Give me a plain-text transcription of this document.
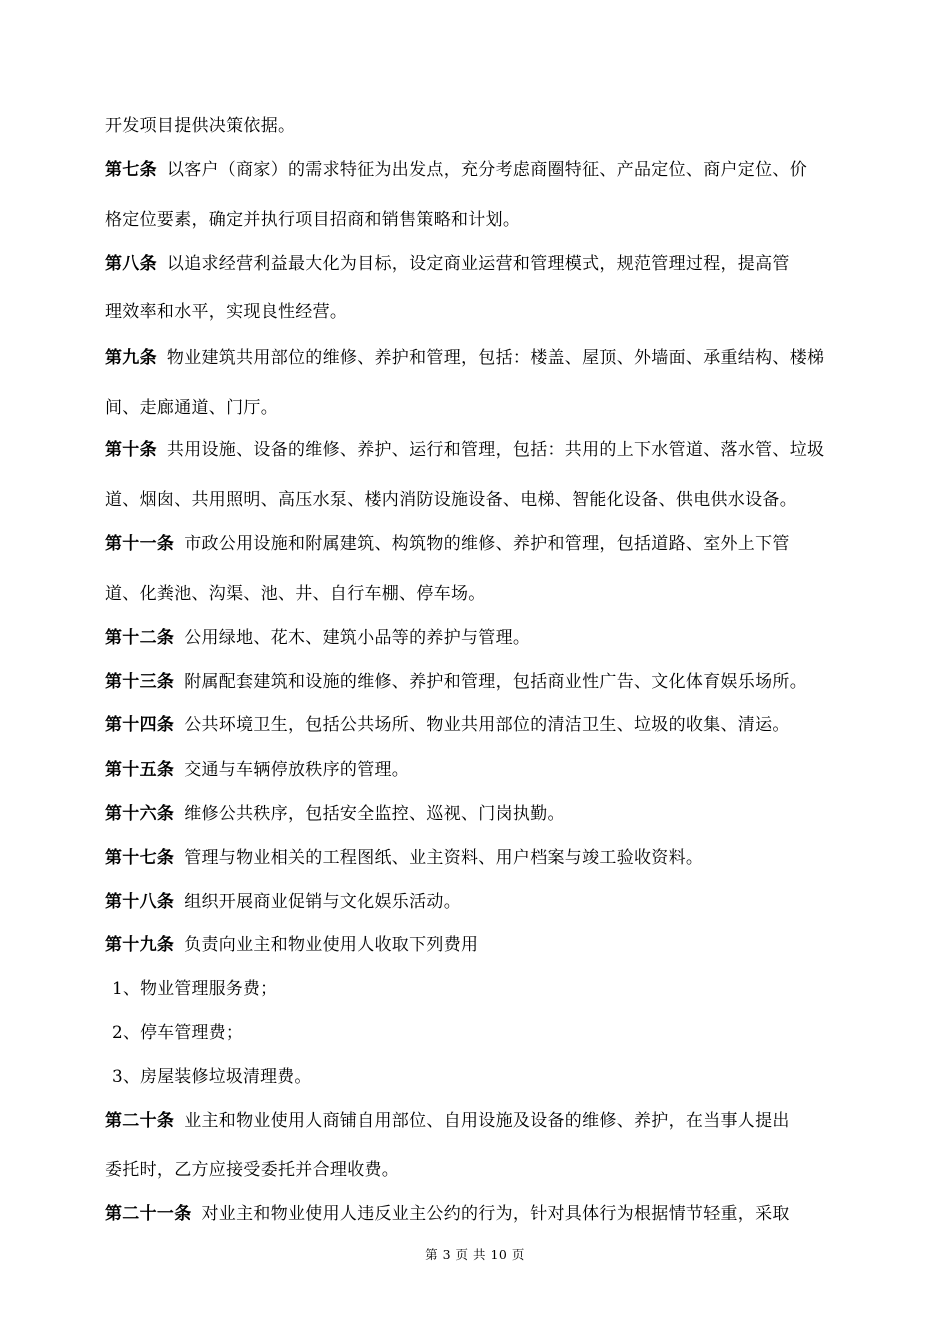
开发项目提供决策依据。
第七条 以客户（商家）的需求特征为出发点，充分考虑商圈特征、产品定位、商户定位、价
格定位要素，确定并执行项目招商和销售策略和计划。
第八条 以追求经营利益最大化为目标，设定商业运营和管理模式，规范管理过程，提高管
理效率和水平，实现良性经营。
第九条 物业建筑共用部位的维修、养护和管理，包括：楼盖、屋顶、外墙面、承重结构、楼梯
间、走廊通道、门厅。
第十条 共用设施、设备的维修、养护、运行和管理，包括：共用的上下水管道、落水管、垃圾
道、烟囱、共用照明、高压水泵、楼内消防设施设备、电梯、智能化设备、供电供水设备。
第十一条 市政公用设施和附属建筑、构筑物的维修、养护和管理，包括道路、室外上下管
道、化粪池、沟渠、池、井、自行车棚、停车场。
第十二条 公用绿地、花木、建筑小品等的养护与管理。
第十三条 附属配套建筑和设施的维修、养护和管理，包括商业性广告、文化体育娱乐场所。
第十四条 公共环境卫生，包括公共场所、物业共用部位的清洁卫生、垃圾的收集、清运。
第十五条 交通与车辆停放秩序的管理。
第十六条 维修公共秩序，包括安全监控、巡视、门岗执勤。
第十七条 管理与物业相关的工程图纸、业主资料、用户档案与竣工验收资料。
第十八条 组织开展商业促销与文化娱乐活动。
第十九条 负责向业主和物业使用人收取下列费用
1、物业管理服务费；
2、停车管理费；
3、房屋装修垃圾清理费。
第二十条 业主和物业使用人商铺自用部位、自用设施及设备的维修、养护，在当事人提出
委托时，乙方应接受委托并合理收费。
第二十一条 对业主和物业使用人违反业主公约的行为，针对具体行为根据情节轻重，采取
第 3 页 共 10 页
